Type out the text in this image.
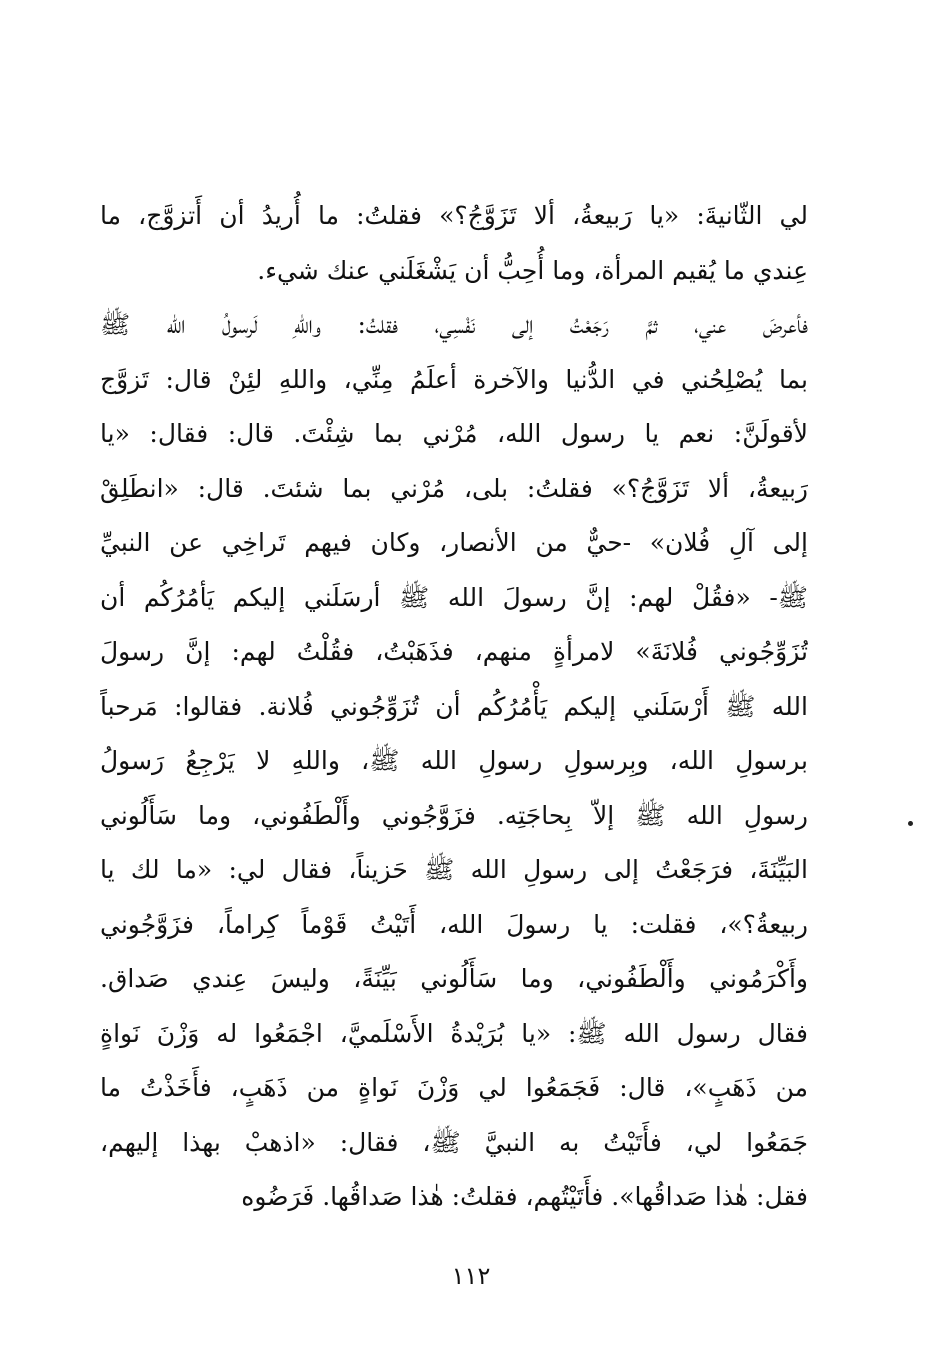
لي الثّانيةَ: «يا رَبيعةُ، ألا تَزَوَّجُ؟» فقلتُ: ما أُريدُ أن أَتزوَّج، ما
عِندي ما يُقيم المرأة، وما أُحِبُّ أن يَشْغَلَني عنك شيء.
فأعرضَ عني، ثمَّ رَجَعْتُ إلى نَفْسِي، فقلتُ: واللهِ لَرسولُ الله ﷺ
بما يُصْلِحُني في الدُّنيا والآخرة أعلَمُ مِنِّي، واللهِ لئِنْ قال: تَزوَّج
لأقولَنَّ: نعم يا رسول الله، مُرْني بما شِئْتَ. قال: فقال: «يا
رَبيعةُ، ألا تَزَوَّجُ؟» فقلتُ: بلى، مُرْني بما شئتَ. قال: «انطَلِقْ
إلى آلِ فُلان» -حيٌّ من الأنصار، وكان فيهم تَراخِي عن النبيِّ
ﷺ- «فقُلْ لهم: إنَّ رسولَ الله ﷺ أرسَلَني إليكم يَأمُرُكُم أن
تُزَوِّجُوني فُلانَةَ» لامرأةٍ منهم، فذَهَبْتُ، فقُلْتُ لهم: إنَّ رسولَ
الله ﷺ أَرْسَلَني إليكم يَأْمُرُكُم أن تُزَوِّجُوني فُلانة. فقالوا: مَرحباً
برسولِ الله، وبِرسولِ رسولِ الله ﷺ، واللهِ لا يَرْجِعُ رَسولُ
رسولِ الله ﷺ إلاّ بِحاجَتِه. فزَوَّجُوني وأَلْطَفُوني، وما سَأَلُوني
البَيِّنَةَ، فرَجَعْتُ إلى رسولِ الله ﷺ حَزيناً، فقال لي: «ما لك يا
ربيعةُ؟»، فقلت: يا رسولَ الله، أَتَيْتُ قَوْماً كِراماً، فزَوَّجُوني
وأَكْرَمُوني وأَلْطَفُوني، وما سَأَلُوني بَيِّنَةً، وليسَ عِندي صَداق.
فقال رسول الله ﷺ: «يا بُرَيْدةُ الأَسْلَميَّ، اجْمَعُوا له وَزْنَ نَواةٍ
من ذَهَبٍ»، قال: فَجَمَعُوا لي وَزْنَ نَواةٍ من ذَهَبٍ، فأَخَذْتُ ما
جَمَعُوا لي، فأَتَيْتُ به النبيَّ ﷺ، فقال: «اذهبْ بهذا إليهم،
فقل: هٰذا صَداقُها». فأَتَيْتُهم، فقلتُ: هٰذا صَداقُها. فَرَضُوه
١١٢
